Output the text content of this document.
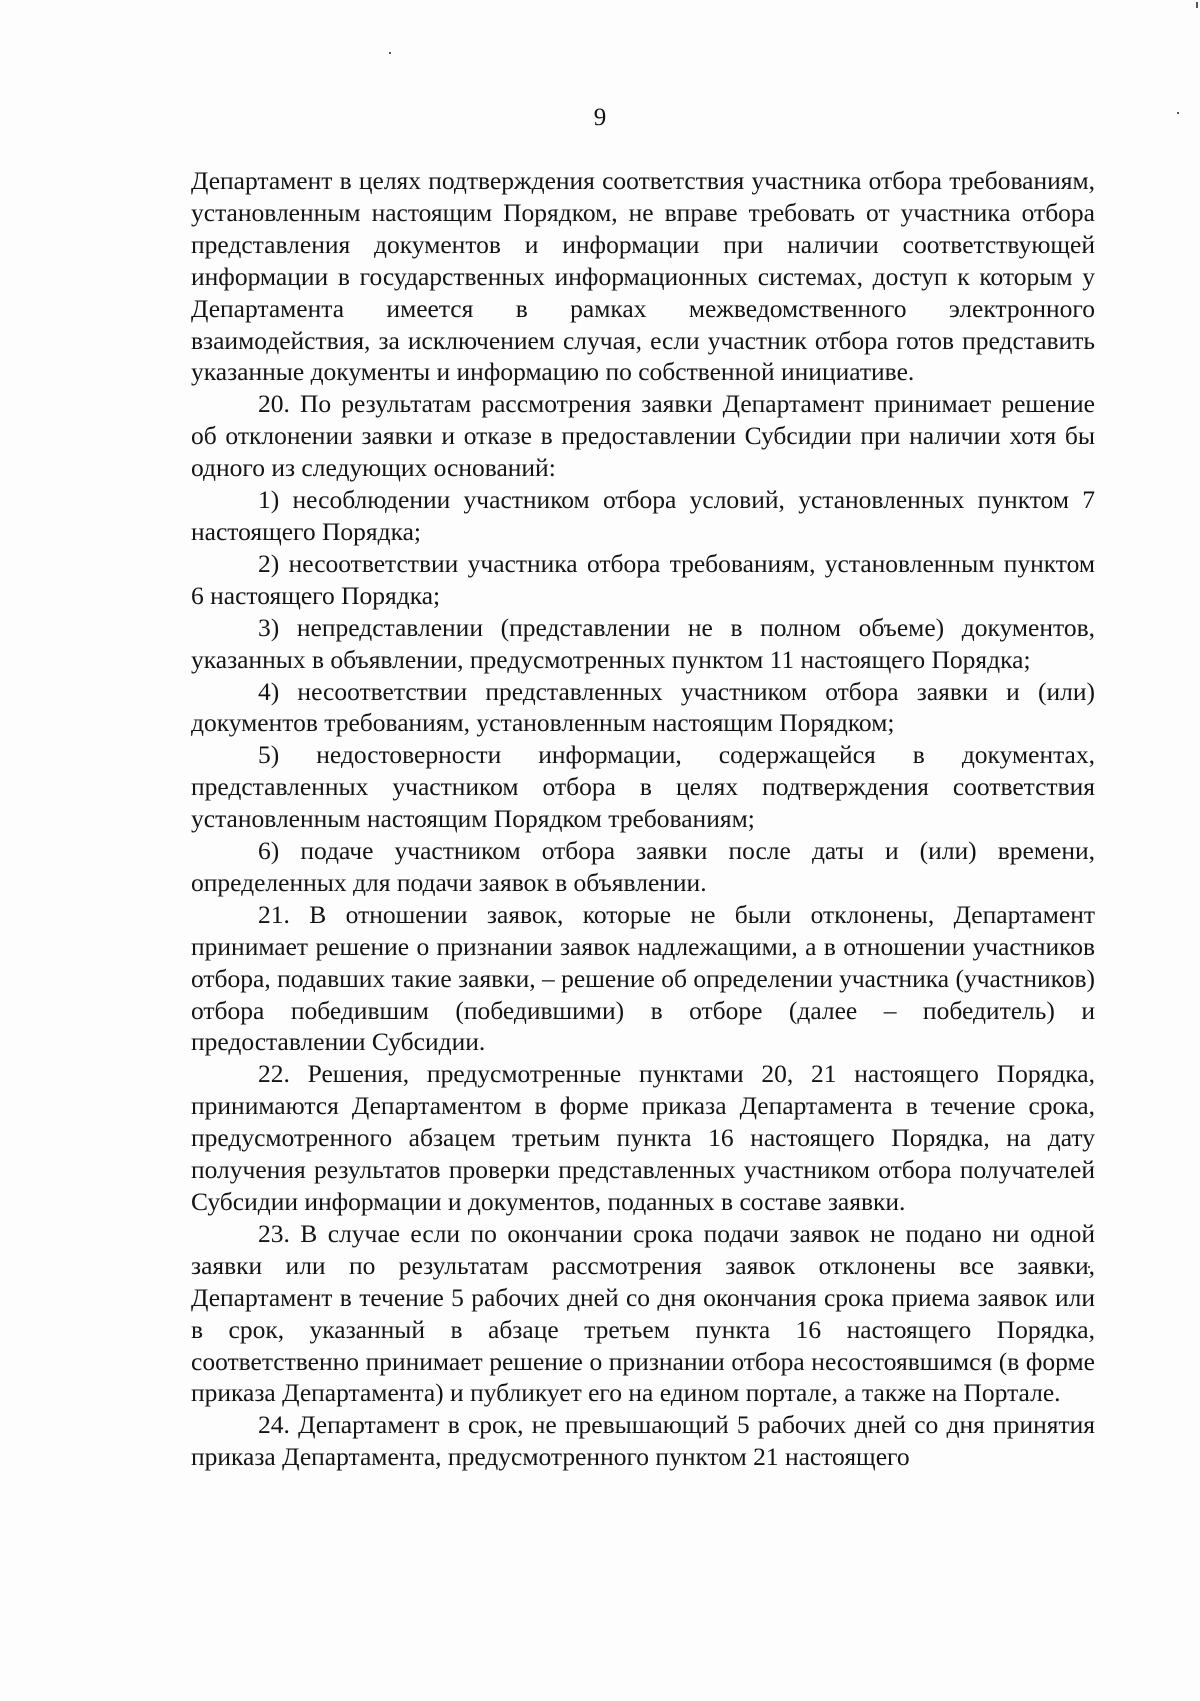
9

Департамент в целях подтверждения соответствия участника отбора требованиям, установленным настоящим Порядком, не вправе требовать от участника отбора представления документов и информации при наличии соответствующей информации в государственных информационных системах, доступ к которым у Департамента имеется в рамках межведомственного электронного взаимодействия, за исключением случая, если участник отбора готов представить указанные документы и информацию по собственной инициативе.

20. По результатам рассмотрения заявки Департамент принимает решение об отклонении заявки и отказе в предоставлении Субсидии при наличии хотя бы одного из следующих оснований:

1) несоблюдении участником отбора условий, установленных пунктом 7 настоящего Порядка;

2) несоответствии участника отбора требованиям, установленным пунктом 6 настоящего Порядка;

3) непредставлении (представлении не в полном объеме) документов, указанных в объявлении, предусмотренных пунктом 11 настоящего Порядка;

4) несоответствии представленных участником отбора заявки и (или) документов требованиям, установленным настоящим Порядком;

5) недостоверности информации, содержащейся в документах, представленных участником отбора в целях подтверждения соответствия установленным настоящим Порядком требованиям;

6) подаче участником отбора заявки после даты и (или) времени, определенных для подачи заявок в объявлении.

21. В отношении заявок, которые не были отклонены, Департамент принимает решение о признании заявок надлежащими, а в отношении участников отбора, подавших такие заявки, – решение об определении участника (участников) отбора победившим (победившими) в отборе (далее – победитель) и предоставлении Субсидии.

22. Решения, предусмотренные пунктами 20, 21 настоящего Порядка, принимаются Департаментом в форме приказа Департамента в течение срока, предусмотренного абзацем третьим пункта 16 настоящего Порядка, на дату получения результатов проверки представленных участником отбора получателей Субсидии информации и документов, поданных в составе заявки.

23. В случае если по окончании срока подачи заявок не подано ни одной заявки или по результатам рассмотрения заявок отклонены все заявки, Департамент в течение 5 рабочих дней со дня окончания срока приема заявок или в срок, указанный в абзаце третьем пункта 16 настоящего Порядка, соответственно принимает решение о признании отбора несостоявшимся (в форме приказа Департамента) и публикует его на едином портале, а также на Портале.

24. Департамент в срок, не превышающий 5 рабочих дней со дня принятия приказа Департамента, предусмотренного пунктом 21 настоящего
